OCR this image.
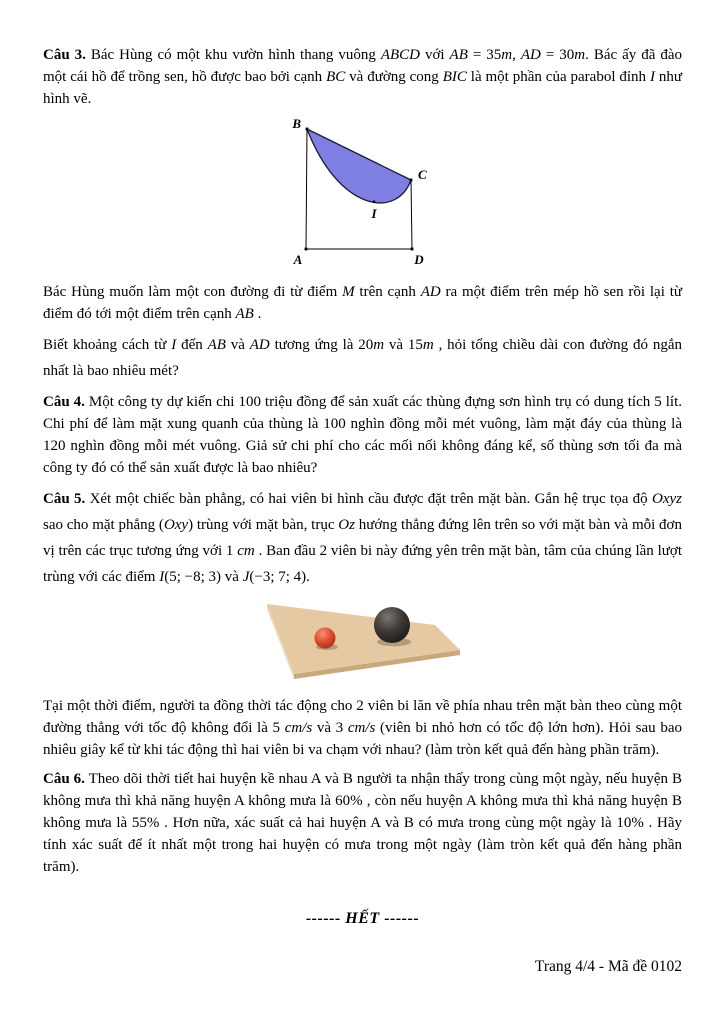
Câu 3. Bác Hùng có một khu vườn hình thang vuông ABCD với AB = 35m, AD = 30m. Bác ấy đã đào một cái hồ để trồng sen, hồ được bao bởi cạnh BC và đường cong BIC là một phần của parabol đỉnh I như hình vẽ.

B
C
A	D
I

Bác Hùng muốn làm một con đường đi từ điểm M trên cạnh AD ra một điểm trên mép hồ sen rồi lại từ điểm đó tới một điểm trên cạnh AB .

Biết khoảng cách từ I đến AB và AD tương ứng là 20m và 15m , hỏi tổng chiều dài con đường đó ngắn nhất là bao nhiêu mét?

Câu 4. Một công ty dự kiến chi 100 triệu đồng để sản xuất các thùng đựng sơn hình trụ có dung tích 5 lít. Chi phí để làm mặt xung quanh của thùng là 100 nghìn đồng mỗi mét vuông, làm mặt đáy của thùng là 120 nghìn đồng mỗi mét vuông. Giả sử chi phí cho các mối nối không đáng kể, số thùng sơn tối đa mà công ty đó có thể sản xuất được là bao nhiêu?

Câu 5. Xét một chiếc bàn phẳng, có hai viên bi hình cầu được đặt trên mặt bàn. Gắn hệ trục tọa độ Oxyz sao cho mặt phẳng (Oxy) trùng với mặt bàn, trục Oz hướng thẳng đứng lên trên so với mặt bàn và mỗi đơn vị trên các trục tương ứng với 1 cm . Ban đầu 2 viên bi này đứng yên trên mặt bàn, tâm của chúng lần lượt trùng với các điểm I(5; −8; 3) và J(−3; 7; 4).

Tại một thời điểm, người ta đồng thời tác động cho 2 viên bi lăn về phía nhau trên mặt bàn theo cùng một đường thẳng với tốc độ không đổi là 5 cm/s và 3 cm/s (viên bi nhỏ hơn có tốc độ lớn hơn). Hỏi sau bao nhiêu giây kể từ khi tác động thì hai viên bi va chạm với nhau? (làm tròn kết quả đến hàng phần trăm).

Câu 6. Theo dõi thời tiết hai huyện kề nhau A và B người ta nhận thấy trong cùng một ngày, nếu huyện B không mưa thì khả năng huyện A không mưa là 60% , còn nếu huyện A không mưa thì khả năng huyện B không mưa là 55% . Hơn nữa, xác suất cả hai huyện A và B có mưa trong cùng một ngày là 10% . Hãy tính xác suất để ít nhất một trong hai huyện có mưa trong một ngày (làm tròn kết quả đến hàng phần trăm).

------ HẾT ------

Trang 4/4 - Mã đề 0102
